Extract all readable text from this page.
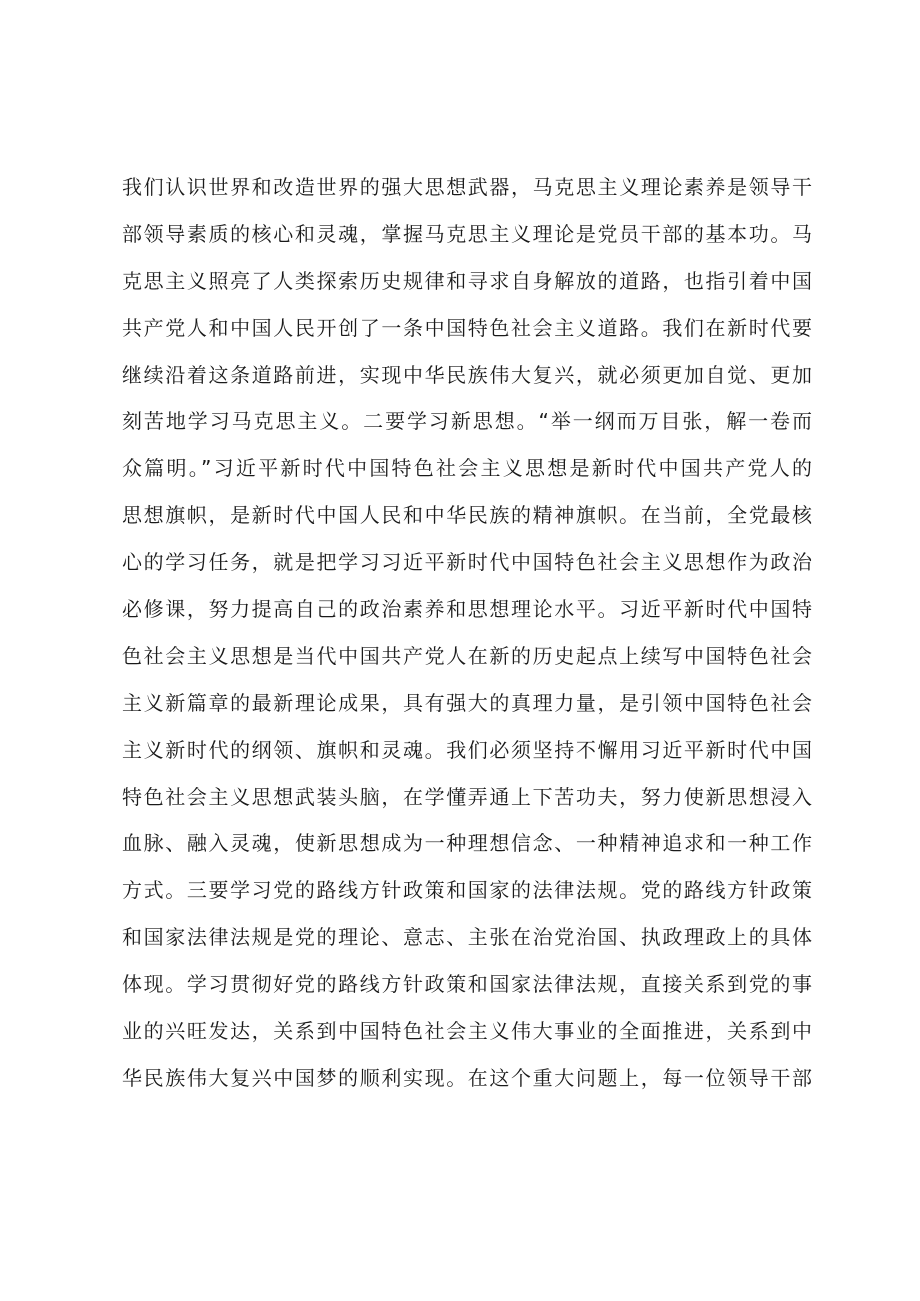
我们认识世界和改造世界的强大思想武器，马克思主义理论素养是领导干
部领导素质的核心和灵魂，掌握马克思主义理论是党员干部的基本功。马
克思主义照亮了人类探索历史规律和寻求自身解放的道路，也指引着中国
共产党人和中国人民开创了一条中国特色社会主义道路。我们在新时代要
继续沿着这条道路前进，实现中华民族伟大复兴，就必须更加自觉、更加
刻苦地学习马克思主义。二要学习新思想。“举一纲而万目张，解一卷而
众篇明。”习近平新时代中国特色社会主义思想是新时代中国共产党人的
思想旗帜，是新时代中国人民和中华民族的精神旗帜。在当前，全党最核
心的学习任务，就是把学习习近平新时代中国特色社会主义思想作为政治
必修课，努力提高自己的政治素养和思想理论水平。习近平新时代中国特
色社会主义思想是当代中国共产党人在新的历史起点上续写中国特色社会
主义新篇章的最新理论成果，具有强大的真理力量，是引领中国特色社会
主义新时代的纲领、旗帜和灵魂。我们必须坚持不懈用习近平新时代中国
特色社会主义思想武装头脑，在学懂弄通上下苦功夫，努力使新思想浸入
血脉、融入灵魂，使新思想成为一种理想信念、一种精神追求和一种工作
方式。三要学习党的路线方针政策和国家的法律法规。党的路线方针政策
和国家法律法规是党的理论、意志、主张在治党治国、执政理政上的具体
体现。学习贯彻好党的路线方针政策和国家法律法规，直接关系到党的事
业的兴旺发达，关系到中国特色社会主义伟大事业的全面推进，关系到中
华民族伟大复兴中国梦的顺利实现。在这个重大问题上，每一位领导干部
